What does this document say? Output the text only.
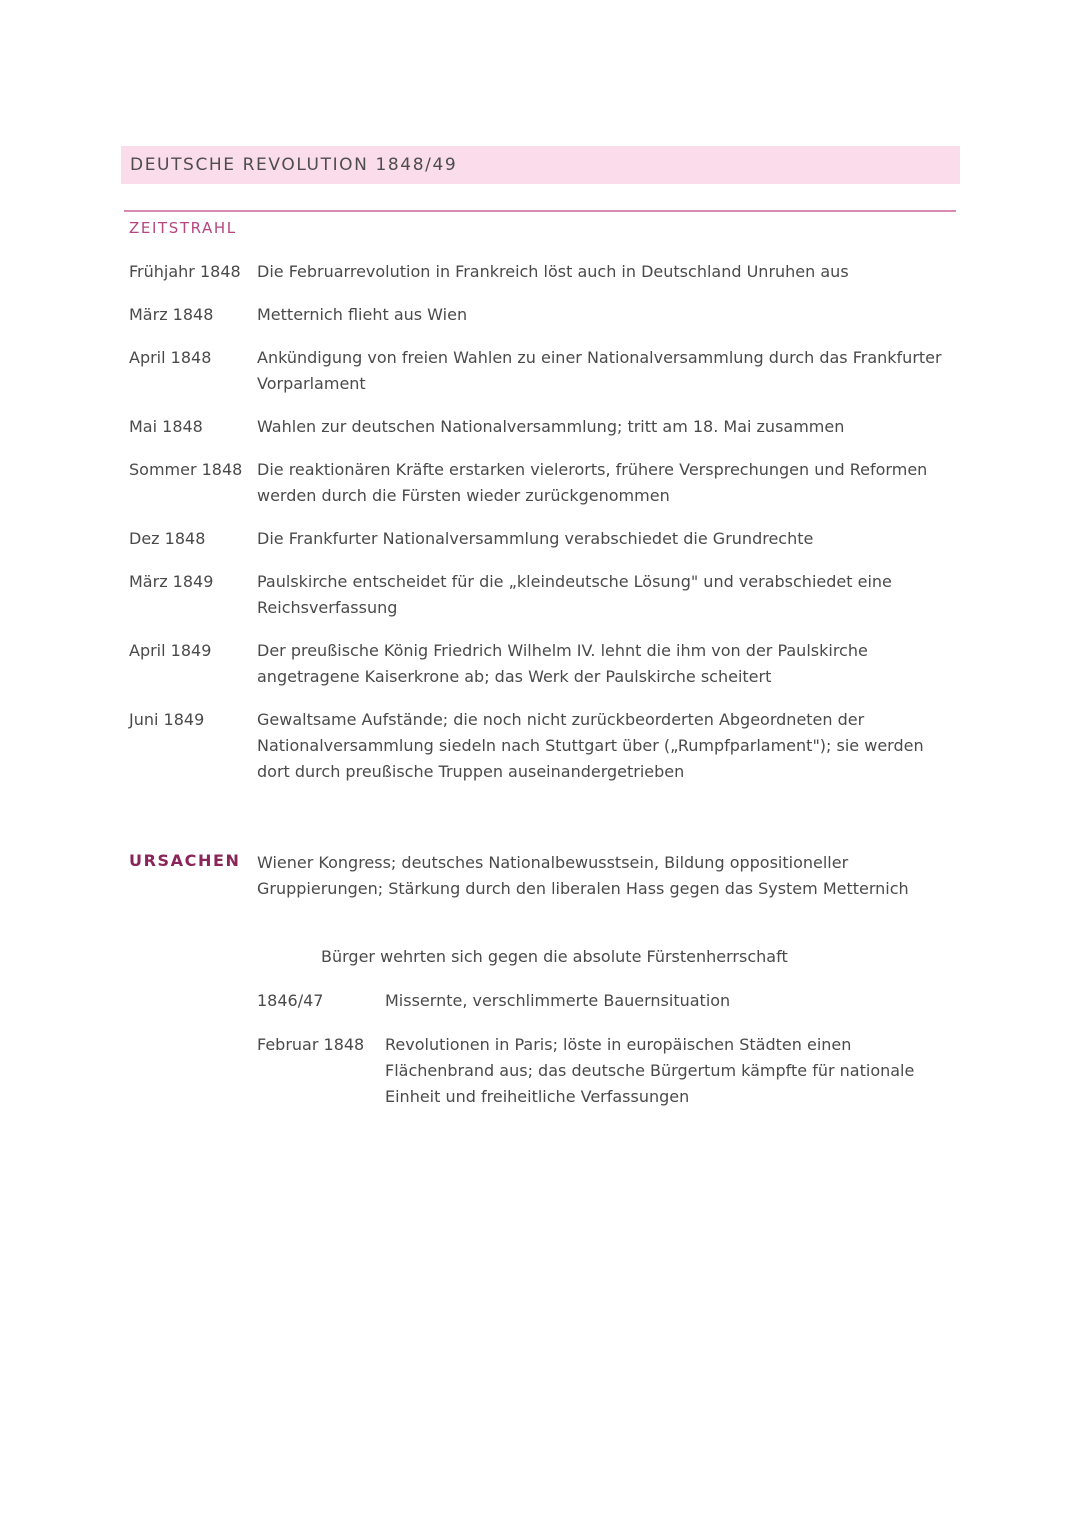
DEUTSCHE REVOLUTION 1848/49
ZEITSTRAHL
Frühjahr 1848	Die Februarrevolution in Frankreich löst auch in Deutschland Unruhen aus
März 1848	Metternich flieht aus Wien
April 1848	Ankündigung von freien Wahlen zu einer Nationalversammlung durch das Frankfurter Vorparlament
Mai 1848	Wahlen zur deutschen Nationalversammlung; tritt am 18. Mai zusammen
Sommer 1848 Die reaktionären Kräfte erstarken vielerorts, frühere Versprechungen und Reformen werden durch die Fürsten wieder zurückgenommen
Dez 1848	Die Frankfurter Nationalversammlung verabschiedet die Grundrechte
März 1849	Paulskirche entscheidet für die „kleindeutsche Lösung" und verabschiedet eine Reichsverfassung
April 1849	Der preußische König Friedrich Wilhelm IV. lehnt die ihm von der Paulskirche angetragene Kaiserkrone ab; das Werk der Paulskirche scheitert
Juni 1849	Gewaltsame Aufstände; die noch nicht zurückbeorderten Abgeordneten der Nationalversammlung siedeln nach Stuttgart über („Rumpfparlament"); sie werden dort durch preußische Truppen auseinandergetrieben
URSACHEN Wiener Kongress; deutsches Nationalbewusstsein, Bildung oppositioneller Gruppierungen; Stärkung durch den liberalen Hass gegen das System Metternich
Bürger wehrten sich gegen die absolute Fürstenherrschaft
1846/47	Missernte, verschlimmerte Bauernsituation
Februar 1848	Revolutionen in Paris; löste in europäischen Städten einen Flächenbrand aus; das deutsche Bürgertum kämpfte für nationale Einheit und freiheitliche Verfassungen
